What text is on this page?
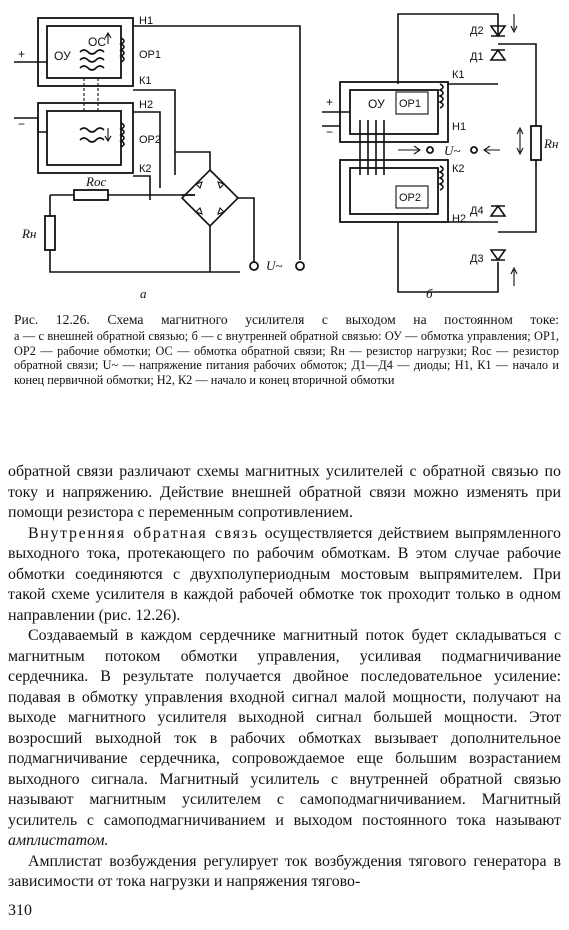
ОУ
ОС
+
−
Н1
ОР1
К1
Н2
ОР2
К2
Rос
Rн
U~
а
ОУ ОР1
ОР2
+
−
К1
Н1
К2
Н2
U~
Д2
Д1
Д4
Д3
Rн
б
Рис. 12.26. Схема магнитного усилителя с выходом на постоянном токе:
а — с внешней обратной связью; б — с внутренней обратной связью: ОУ — обмотка управления; ОР1, ОР2 — рабочие обмотки; ОС — обмотка обратной связи; Rн — резистор нагрузки; Rос — резистор обратной связи; U~ — напряжение питания рабочих обмоток; Д1—Д4 — диоды; Н1, К1 — начало и конец первичной обмотки; Н2, К2 — начало и конец вторичной обмотки

обратной связи различают схемы магнитных усилителей с обратной связью по току и напряжению. Действие внешней обратной связи можно изменять при помощи резистора с переменным сопротивлением.

Внутренняя обратная связь осуществляется действием выпрямленного выходного тока, протекающего по рабочим обмоткам. В этом случае рабочие обмотки соединяются с двухполупериодным мостовым выпрямителем. При такой схеме усилителя в каждой рабочей обмотке ток проходит только в одном направлении (рис. 12.26).

Создаваемый в каждом сердечнике магнитный поток будет складываться с магнитным потоком обмотки управления, усиливая подмагничивание сердечника. В результате получается двойное последовательное усиление: подавая в обмотку управления входной сигнал малой мощности, получают на выходе магнитного усилителя выходной сигнал большей мощности. Этот возросший выходной ток в рабочих обмотках вызывает дополнительное подмагничивание сердечника, сопровождаемое еще большим возрастанием выходного сигнала. Магнитный усилитель с внутренней обратной связью называют магнитным усилителем с самоподмагничиванием. Магнитный усилитель с самоподмагничиванием и выходом постоянного тока называют амплистатом.

Амплистат возбуждения регулирует ток возбуждения тягового генератора в зависимости от тока нагрузки и напряжения тягово-

310
